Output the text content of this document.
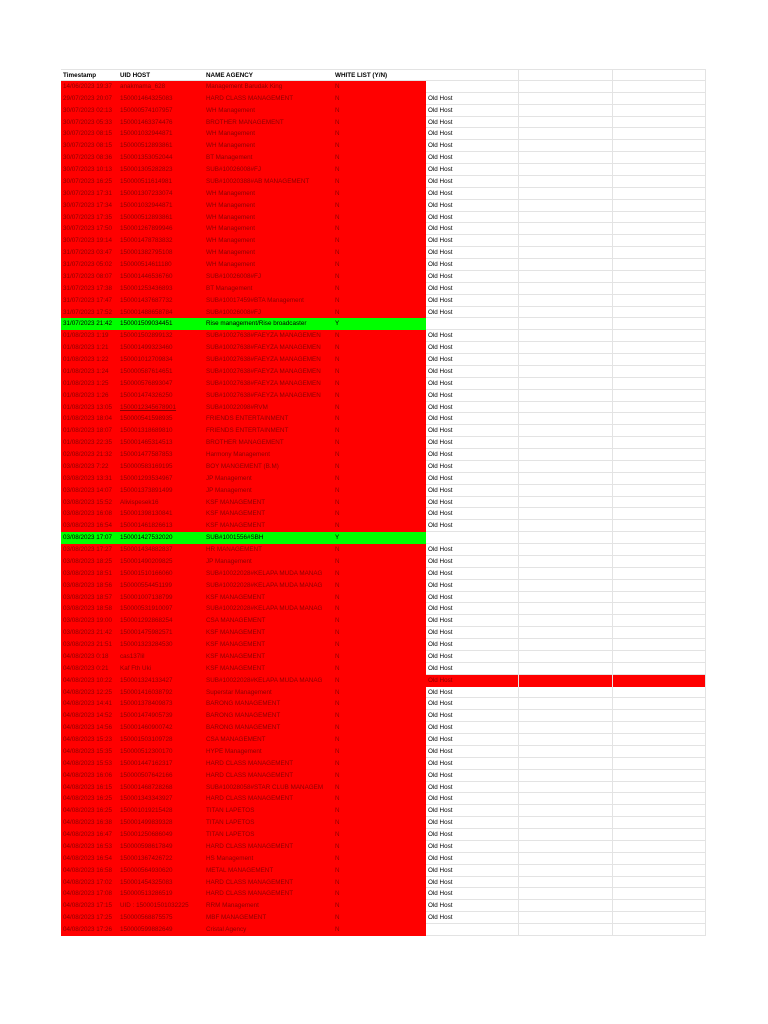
Timestamp	UID HOST	NAME AGENCY	WHITE LIST (Y/N)
14/06/2023 19:37	anakmama_628	Management Barudak King	N
29/07/2023 20:07	150001464325083	HARD CLASS MANAGEMENT	N	Old Host
30/07/2023 02:13	150000574107957	WH Management	N	Old Host
30/07/2023 05:33	150001463374476	BROTHER MANAGEMENT	N	Old Host
30/07/2023 08:15	150001032944871	WH Management	N	Old Host
30/07/2023 08:15	150000512893861	WH Management	N	Old Host
30/07/2023 08:36	150001353052044	BT Management	N	Old Host
30/07/2023 10:13	150001305282823	SUB#10026008#FJ	N	Old Host
30/07/2023 16:25	150000511614981	SUB#10020388#AB MANAGEMENT	N	Old Host
30/07/2023 17:31	150001307233074	WH Management	N	Old Host
30/07/2023 17:34	150001032944871	WH Management	N	Old Host
30/07/2023 17:35	150000512893861	WH Management	N	Old Host
30/07/2023 17:50	150001267899946	WH Management	N	Old Host
30/07/2023 19:14	150001478783832	WH Management	N	Old Host
31/07/2023 03:47	150001382795108	WH Management	N	Old Host
31/07/2023 05:02	150000514611180	WH Management	N	Old Host
31/07/2023 08:07	150001446536760	SUB#10026008#FJ	N	Old Host
31/07/2023 17:38	150001253436893	BT Management	N	Old Host
31/07/2023 17:47	150001437687732	SUB#10017459#BTA Management	N	Old Host
31/07/2023 17:52	150001488658784	SUB#10026008#FJ	N	Old Host
31/07/2023 21:42	150001509034451	Rise management/Rise broadcaster	Y
01/08/2023 1:19	150001502899132	SUB#10027638#FAEYZA MANAGEMEN	N	Old Host
01/08/2023 1:21	150001499323460	SUB#10027638#FAEYZA MANAGEMEN	N	Old Host
01/08/2023 1:22	150001012709834	SUB#10027638#FAEYZA MANAGEMEN	N	Old Host
01/08/2023 1:24	150000587614651	SUB#10027638#FAEYZA MANAGEMEN	N	Old Host
01/08/2023 1:25	150000576893047	SUB#10027638#FAEYZA MANAGEMEN	N	Old Host
01/08/2023 1:26	150001474326250	SUB#10027638#FAEYZA MANAGEMEN	N	Old Host
01/08/2023 13:05	1500012345678901	SUB#10022098#RVM	N	Old Host
01/08/2023 18:04	150000541598935	FRIENDS ENTERTAINMENT	N	Old Host
01/08/2023 18:07	150001318689810	FRIENDS ENTERTAINMENT	N	Old Host
01/08/2023 22:35	150001465314513	BROTHER MANAGEMENT	N	Old Host
02/08/2023 21:32	150001477587853	Harmony Management	N	Old Host
03/08/2023 7:22	150000583169195	BOY MANGEMENT (B.M)	N	Old Host
03/08/2023 13:31	150001293534967	JP Management	N	Old Host
03/08/2023 14:07	150001373891499	JP Management	N	Old Host
03/08/2023 15:52	Alivispesek16	KSF MANAGEMENT	N	Old Host
03/08/2023 16:08	150001398130841	KSF MANAGEMENT	N	Old Host
03/08/2023 16:54	150001461826613	KSF MANAGEMENT	N	Old Host
03/08/2023 17:07	150001427532020	SUB#1001556#SBH	Y
03/08/2023 17:27	150001434882837	HR MANAGEMENT	N	Old Host
03/08/2023 18:25	150001490209825	JP Management	N	Old Host
03/08/2023 18:51	150001510166060	SUB#10022028#KELAPA MUDA MANAG	N	Old Host
03/08/2023 18:56	150000554451199	SUB#10022028#KELAPA MUDA MANAG	N	Old Host
03/08/2023 18:57	150001007138799	KSF MANAGEMENT	N	Old Host
03/08/2023 18:58	150000531910097	SUB#10022028#KELAPA MUDA MANAG	N	Old Host
03/08/2023 19:00	150001292868254	CSA MANAGEMENT	N	Old Host
03/08/2023 21:42	150001475982571	KSF MANAGEMENT	N	Old Host
03/08/2023 21:51	150001323284530	KSF MANAGEMENT	N	Old Host
04/08/2023 0:18	cas137lil	KSF MANAGEMENT	N	Old Host
04/08/2023 0:21	Kaf Fth Uki	KSF MANAGEMENT	N	Old Host
04/08/2023 10:22	150001324133427	SUB#10022028#KELAPA MUDA MANAG	N	Old Host
04/08/2023 12:25	150001416038792	Superstar Management	N	Old Host
04/08/2023 14:41	150001378409873	BARONG MANAGEMENT	N	Old Host
04/08/2023 14:52	150001474905739	BARONG MANAGEMENT	N	Old Host
04/08/2023 14:56	150001460900742	BARONG MANAGEMENT	N	Old Host
04/08/2023 15:23	150001503109728	CSA MANAGEMENT	N	Old Host
04/08/2023 15:35	150000512300170	HYPE Management	N	Old Host
04/08/2023 15:53	150001447162317	HARD CLASS MANAGEMENT	N	Old Host
04/08/2023 16:06	150000507642166	HARD CLASS MANAGEMENT	N	Old Host
04/08/2023 16:15	150001468728268	SUB#10028058#STAR CLUB MANAGEM	N	Old Host
04/08/2023 16:25	150001343343927	HARD CLASS MANAGEMENT	N	Old Host
04/08/2023 16:25	150001019215428	TITAN LAPETOS	N	Old Host
04/08/2023 16:38	150001499839328	TITAN LAPETOS	N	Old Host
04/08/2023 16:47	150001250686049	TITAN LAPETOS	N	Old Host
04/08/2023 16:53	150000598617849	HARD CLASS MANAGEMENT	N	Old Host
04/08/2023 16:54	150001367426722	HS Management	N	Old Host
04/08/2023 16:58	150000564930620	METAL MANAGEMENT	N	Old Host
04/08/2023 17:02	150001454325083	HARD CLASS MANAGEMENT	N	Old Host
04/08/2023 17:08	150000513286519	HARD CLASS MANAGEMENT	N	Old Host
04/08/2023 17:15	UID : 150001501032225	RRM Management	N	Old Host
04/08/2023 17:25	150000568875575	MBF MANAGEMENT	N	Old Host
04/08/2023 17:26	150000599882649	Cristal Agency	N
